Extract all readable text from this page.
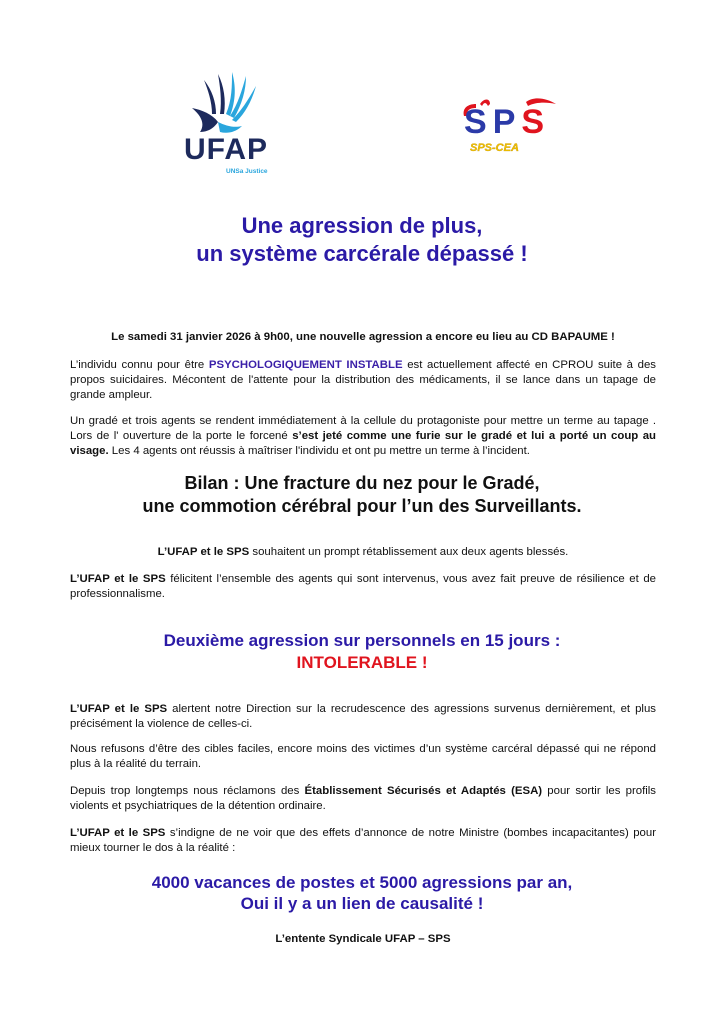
UFAP
UNSa Justice
S P S
SPS-CEA
Une agression de plus,
un système carcérale dépassé !

Le samedi 31 janvier 2026 à 9h00, une nouvelle agression a encore eu lieu au CD BAPAUME !

L’individu connu pour être PSYCHOLOGIQUEMENT INSTABLE est actuellement affecté en CPROU suite à des propos suicidaires. Mécontent de l'attente pour la distribution des médicaments, il se lance dans un tapage de grande ampleur.

Un gradé et trois agents se rendent immédiatement à la cellule du protagoniste pour mettre un terme au tapage . Lors de l' ouverture de la porte le forcené s’est jeté comme une furie sur le gradé et lui a porté un coup au visage. Les 4 agents ont réussis à maîtriser l'individu et ont pu mettre un terme à l’incident.

Bilan : Une fracture du nez pour le Gradé,
une commotion cérébral pour l’un des Surveillants.

L’UFAP et le SPS souhaitent un prompt rétablissement aux deux agents blessés.

L’UFAP et le SPS félicitent l’ensemble des agents qui sont intervenus, vous avez fait preuve de résilience et de professionnalisme.

Deuxième agression sur personnels en 15 jours :
INTOLERABLE !

L’UFAP et le SPS alertent notre Direction sur la recrudescence des agressions survenus dernièrement, et plus précisément la violence de celles-ci.

Nous refusons d’être des cibles faciles, encore moins des victimes d’un système carcéral dépassé qui ne répond plus à la réalité du terrain.

Depuis trop longtemps nous réclamons des Établissement Sécurisés et Adaptés (ESA) pour sortir les profils violents et psychiatriques de la détention ordinaire.

L’UFAP et le SPS s’indigne de ne voir que des effets d’annonce de notre Ministre (bombes incapacitantes) pour mieux tourner le dos à la réalité :

4000 vacances de postes et 5000 agressions par an,
Oui il y a un lien de causalité !

L’entente Syndicale UFAP – SPS
